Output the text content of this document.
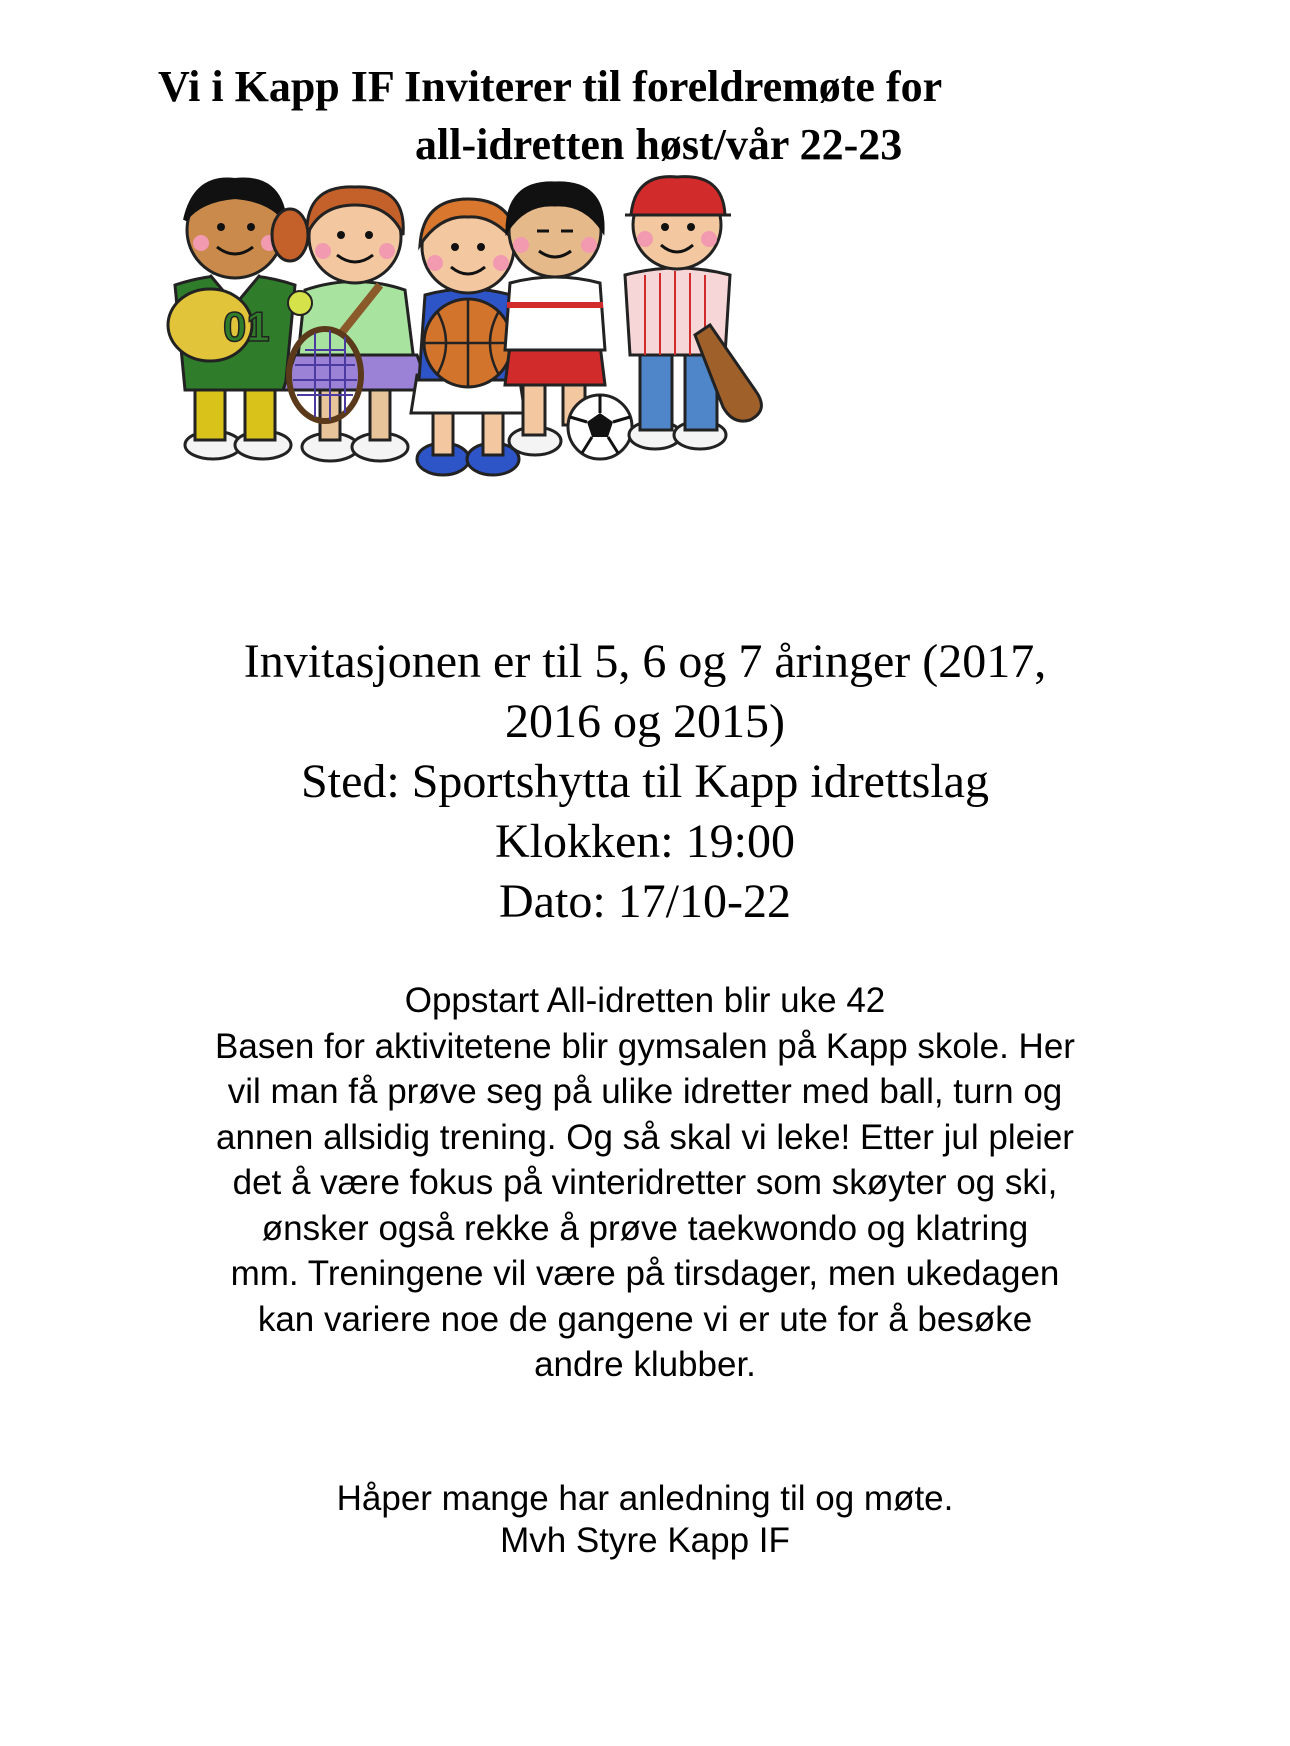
Vi i Kapp IF Inviterer til foreldremøte for
all-idretten høst/vår 22-23
01
Invitasjonen er til 5, 6 og 7 åringer (2017,
2016 og 2015)
Sted: Sportshytta til Kapp idrettslag
Klokken: 19:00
Dato: 17/10-22
Oppstart All-idretten blir uke 42
Basen for aktivitetene blir gymsalen på Kapp skole. Her
vil man få prøve seg på ulike idretter med ball, turn og
annen allsidig trening. Og så skal vi leke! Etter jul pleier
det å være fokus på vinteridretter som skøyter og ski,
ønsker også rekke å prøve taekwondo og klatring
mm. Treningene vil være på tirsdager, men ukedagen
kan variere noe de gangene vi er ute for å besøke
andre klubber.
Håper mange har anledning til og møte.
Mvh Styre Kapp IF
